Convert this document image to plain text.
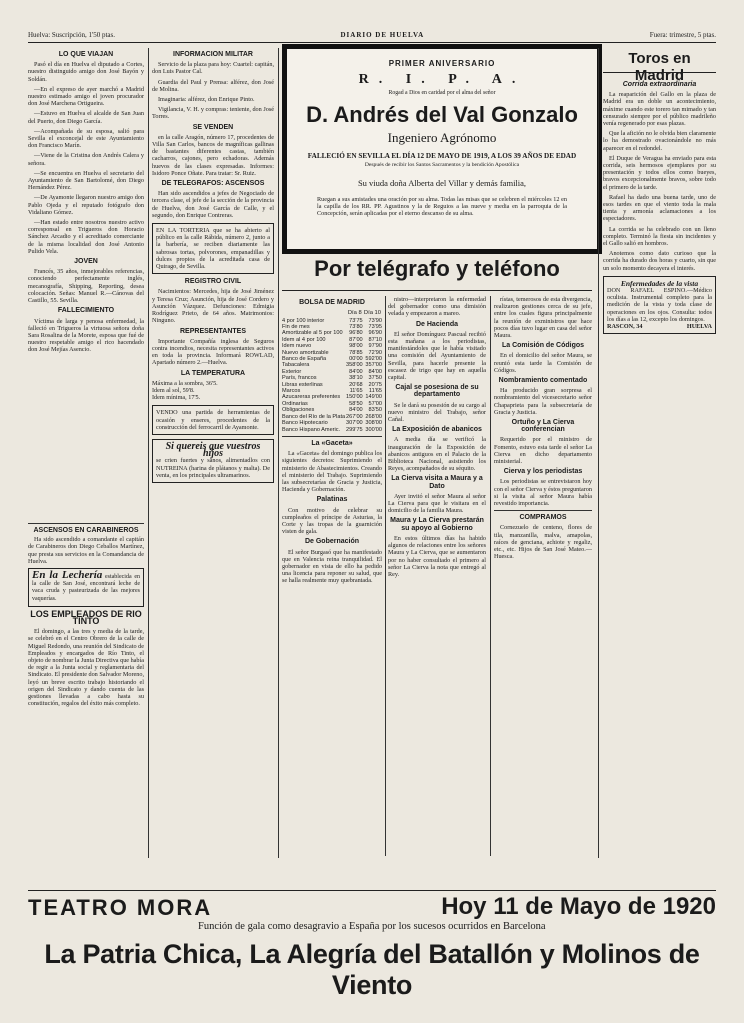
Huelva: Suscripción, 1'50 ptas.	DIARIO DE HUELVA	Fuera: trimestre, 5 ptas.
LO QUE VIAJAN

Pasó el día en Huelva el diputado a Cortes, nuestro distinguido amigo don José Bayón y Soldán.

—En el expreso de ayer marchó a Madrid nuestro estimado amigo el joven procurador don José Marchena Ortigueira.

—Estuvo en Huelva el alcalde de San Juan del Puerto, don Diego García.

—Acompañada de su esposa, salió para Sevilla el exconcejal de este Ayuntamiento don Francisco Marín.

—Viene de la Cristina don Andrés Calera y señora.

—Se encuentra en Huelva el secretario del Ayuntamiento de San Bartolomé, don Diego Hernández Pérez.

—De Ayamonte llegaron nuestro amigo don Pablo Ojeda y el reputado fotógrafo don Vidaliano Gómez.

—Han estado entre nosotros nuestro activo corresponsal en Trigueros don Horacio Sánchez Arcadio y el acreditado comerciante de la misma localidad don José Antonio Pulido Vela.

JOVEN

Francés, 35 años, inmejorables referencias, conociendo perfectamente inglés, mecanografía, Shipping, Reporting, desea colocación. Señas: Manuel R.—Cánovas del Castillo, 55. Sevilla.

FALLECIMIENTO

Víctima de larga y penosa enfermedad, la falleció en Trigueros la virtuosa señora doña Sara Rosalina de la Morete, esposa que fué de nuestro respetable amigo el rico hacendado don José Mejías Asencio.

ASCENSOS EN CARABINEROS

Ha sido ascendido a comandante el capitán de Carabineros don Diego Ceballos Martínez, que presta sus servicios en la Comandancia de Huelva.

En la Lechería establecida en la calle de San José, encontrará leche de vaca cruda y pasteurizada de las mejores vaquerías.
LOS EMPLEADOS DE RIO TINTO

El domingo, a las tres y media de la tarde, se celebró en el Centro Obrero de la calle de Miguel Redondo, una reunión del Sindicato de Empleados y encargados de Río Tinto, el objeto de nombrar la Junta Directiva que había de regir a la Junta social y reglamentaria del Sindicato. El presidente don Salvador Moreno, leyó un breve escrito trabajo historiando el origen del Sindicato y dando cuenta de las gestiones llevadas a cabo hasta su constitución, regalos del éxito más completo.

INFORMACION MILITAR

Servicio de la plaza para hoy: Cuartel: capitán, don Luis Pastor Cal.

Guardia del Paul y Prensa: alférez, don José de Molina.

Imaginaria: alférez, don Enrique Pinto.

Vigilancia, V. H. y compras: teniente, don José Torres.

SE VENDEN

en la calle Aragón, número 17, procedentes de Villa San Carlos, bancos de magníficas gallinas de bastantes diferentes castas, también cacharros, cajones, pero echadoras. Además huevos de las clases expresadas. Informes: Isidoro Ponce Oñate. Para tratar: Sr. Ruiz.

DE TELEGRAFOS: ASCENSOS

Han sido ascendidos a jefes de Negociado de tercera clase, el jefe de la sección de la provincia de Huelva, don José García de Calle, y el segundo, don Enrique Contreras.

EN LA TORTERIA que se ha abierto al público en la calle Rábida, número 2, junto a la barbería, se reciben diariamente las sabrosas tortas, polvorones, empanadillas y dulces propios de la acreditada casa de Quirago, de Sevilla.
REGISTRO CIVIL

Nacimientos: Mercedes, hija de José Jiménez y Teresa Cruz; Asunción, hija de José Cordero y Asunción Vázquez. Defunciones: Edmigia Rodríguez Prieto, de 64 años. Matrimonios: Ninguno.

REPRESENTANTES

Importante Compañía inglesa de Seguros contra incendios, necesita representantes activos en toda la provincia. Informará ROWLAD, Apartado número 2.—Huelva.

LA TEMPERATURA
Máxima a la sombra, 36'5.
Idem al sol, 59'8.
Idem mínima, 17'5.
VENDO una partida de herramientas de ocasión y enseres, procedentes de la construcción del ferrocarril de Ayamonte.
Si quereis que vuestros hijos
se crien fuertes y sanos, alimentadlos con NUTREINA (harina de plátanos y malta). De venta, en los principales ultramarinos.
PRIMER ANIVERSARIO
R. I. P. A.
Rogad a Dios en caridad por el alma del señor
D. Andrés del Val Gonzalo
Ingeniero Agrónomo
FALLECIÓ EN SEVILLA EL DÍA 12 DE MAYO DE 1919, A LOS 39 AÑOS DE EDAD
Después de recibir los Santos Sacramentos y la bendición Apostólica
Su viuda doña Alberta del Villar y demás familia,
Ruegan a sus amistades una oración por su alma. Todas las misas que se celebren el miércoles 12 en la capilla de los RR. PP. Agustinos y la de Reguios a las nueve y media en la parroquia de la Concepción, serán aplicadas por el eterno descanso de su alma.
Por telégrafo y teléfono
BOLSA DE MADRID
	Día 8	Día 10
4 por 100 interior	73'75	73'90
Fin de mes	73'80	73'95
Amortizable al 5 por 100	96'80	96'90
Idem al 4 por 100	87'00	87'10
Idem nuevo	98'00	97'90
Nuevo amortizable	78'85	72'90
Banco de España	00'00	592'00
Tabacalera	358'00	357'00
Exterior	84'00	84'00
París, francos	38'10	37'50
Libras esterlinas	20'68	20'75
Marcos	11'65	11'65
Azucareras preferentes	150'00	149'00
Ordinarias	58'50	57'00
Obligaciones	84'00	83'50
Banco del Río de la Plata	267'00	268'00
Banco Hipotecario	307'00	308'00
Banco Hispano Americ.	299'75	300'00
La «Gaceta»

La «Gaceta» del domingo publica los siguientes decretos: Suprimiendo el ministerio de Abastecimientos. Creando el ministerio del Trabajo. Suprimiendo las subsecretarías de Gracia y Justicia, Hacienda y Gobernación.

Palatinas

Con motivo de celebrar su cumpleaños el príncipe de Asturias, la Corte y las tropas de la guarnición visten de gala.

De Gobernación

El señor Burgasó que ha manifestado que en Valencia reina tranquilidad. El gobernador en vista de ello ha pedido una licencia para reponer su salud, que se halla realmente muy quebrantada.

nistro—interpretaron la enfermedad del gobernador como una dimisión velada y empezaron a mareo.

De Hacienda

El señor Domínguez Pascual recibió esta mañana a los periodistas, manifestándoles que le había visitado una comisión del Ayuntamiento de Sevilla, para hacerle presente la escasez de trigo que hay en aquella capital.

Cajal se posesiona de su departamento

Se le dará su posesión de su cargo al nuevo ministro del Trabajo, señor Cañal.

La Exposición de abanicos

A media día se verificó la inauguración de la Exposición de abanicos antiguos en el Palacio de la Biblioteca Nacional, asistiendo los Reyes, acompañados de su séquito.

La Cierva visita a Maura y a Dato

Ayer invitó el señor Maura al señor La Cierva para que le visitara en el domicilio de la familia Maura.

Maura y La Cierva prestarán su apoyo al Gobierno

En estos últimos días ha habido algunos de relaciones entre los señores Maura y La Cierva, que se aumentaron por no haber consultado el primero al señor La Cierva la nota que entregó al Rey.

rístas, temerosos de esta divergencia, realizaron gestiones cerca de su jefe, entre los cuales figura principalmente la reunión de exministros que hace pocos días tuvo lugar en casa del señor Maura.

La Comisión de Códigos

En el domicilio del señor Maura, se reunió esta tarde la Comisión de Códigos.

Nombramiento comentado

Ha producido gran sorpresa el nombramiento del vicesecretario señor Chapaprieta para la subsecretaría de Gracia y Justicia.

Ortuño y La Cierva conferencian

Requerido por el ministro de Fomento, estuvo esta tarde el señor La Cierva en dicho departamento ministerial.

Cierva y los periodistas

Los periodistas se entrevistaron hoy con el señor Cierva y éstos preguntaron si la visita al señor Maura había revestido importancia.

COMPRAMOS

Cornezuelo de centeno, flores de tila, manzanilla, malva, amapolas, raíces de genciana, achiote y regaliz, etc., etc. Hijos de San José Mateo.—Huesca.

Toros en Madrid
Corrida extraordinaria

La reaparición del Gallo en la plaza de Madrid era un doble un acontecimiento, máxime cuando este torero tan mimado y tan censurado siempre por el público madrileño venía regenerado por esas plazas.

Que la afición no le olvida bien claramente lo ha demostrado ovacionándole no más aparecer en el redondel.

El Duque de Veragua ha enviado para esta corrida, seis hermosos ejemplares por su presentación y todos ellos como bueyes, bravos excepcionalmente bravos, sobre todo el primero de la tarde.

Rafael ha dado una buena tarde, uno de esos tardes en que el viento toda la mala tienta y armonía aclamaciones a los espectadores.

La corrida se ha celebrado con un lleno completo. Terminó la fiesta sin incidentes y el Gallo salió en hombros.

Anotemos como dato curioso que la corrida ha durado dos horas y cuarto, sin que un solo momento decayera el interés.

Enfermedades de la vista
DON RAFAEL ESPINO.—Médico oculista. Instrumental completo para la medición de la vista y toda clase de operaciones en los ojos. Consulta: todos los días a las 12, excepto los domingos.
RASCON, 34	HUELVA
TEATRO MORA	Hoy 11 de Mayo de 1920
Función de gala como desagravio a España por los sucesos ocurridos en Barcelona
La Patria Chica, La Alegría del Batallón y Molinos de Viento
